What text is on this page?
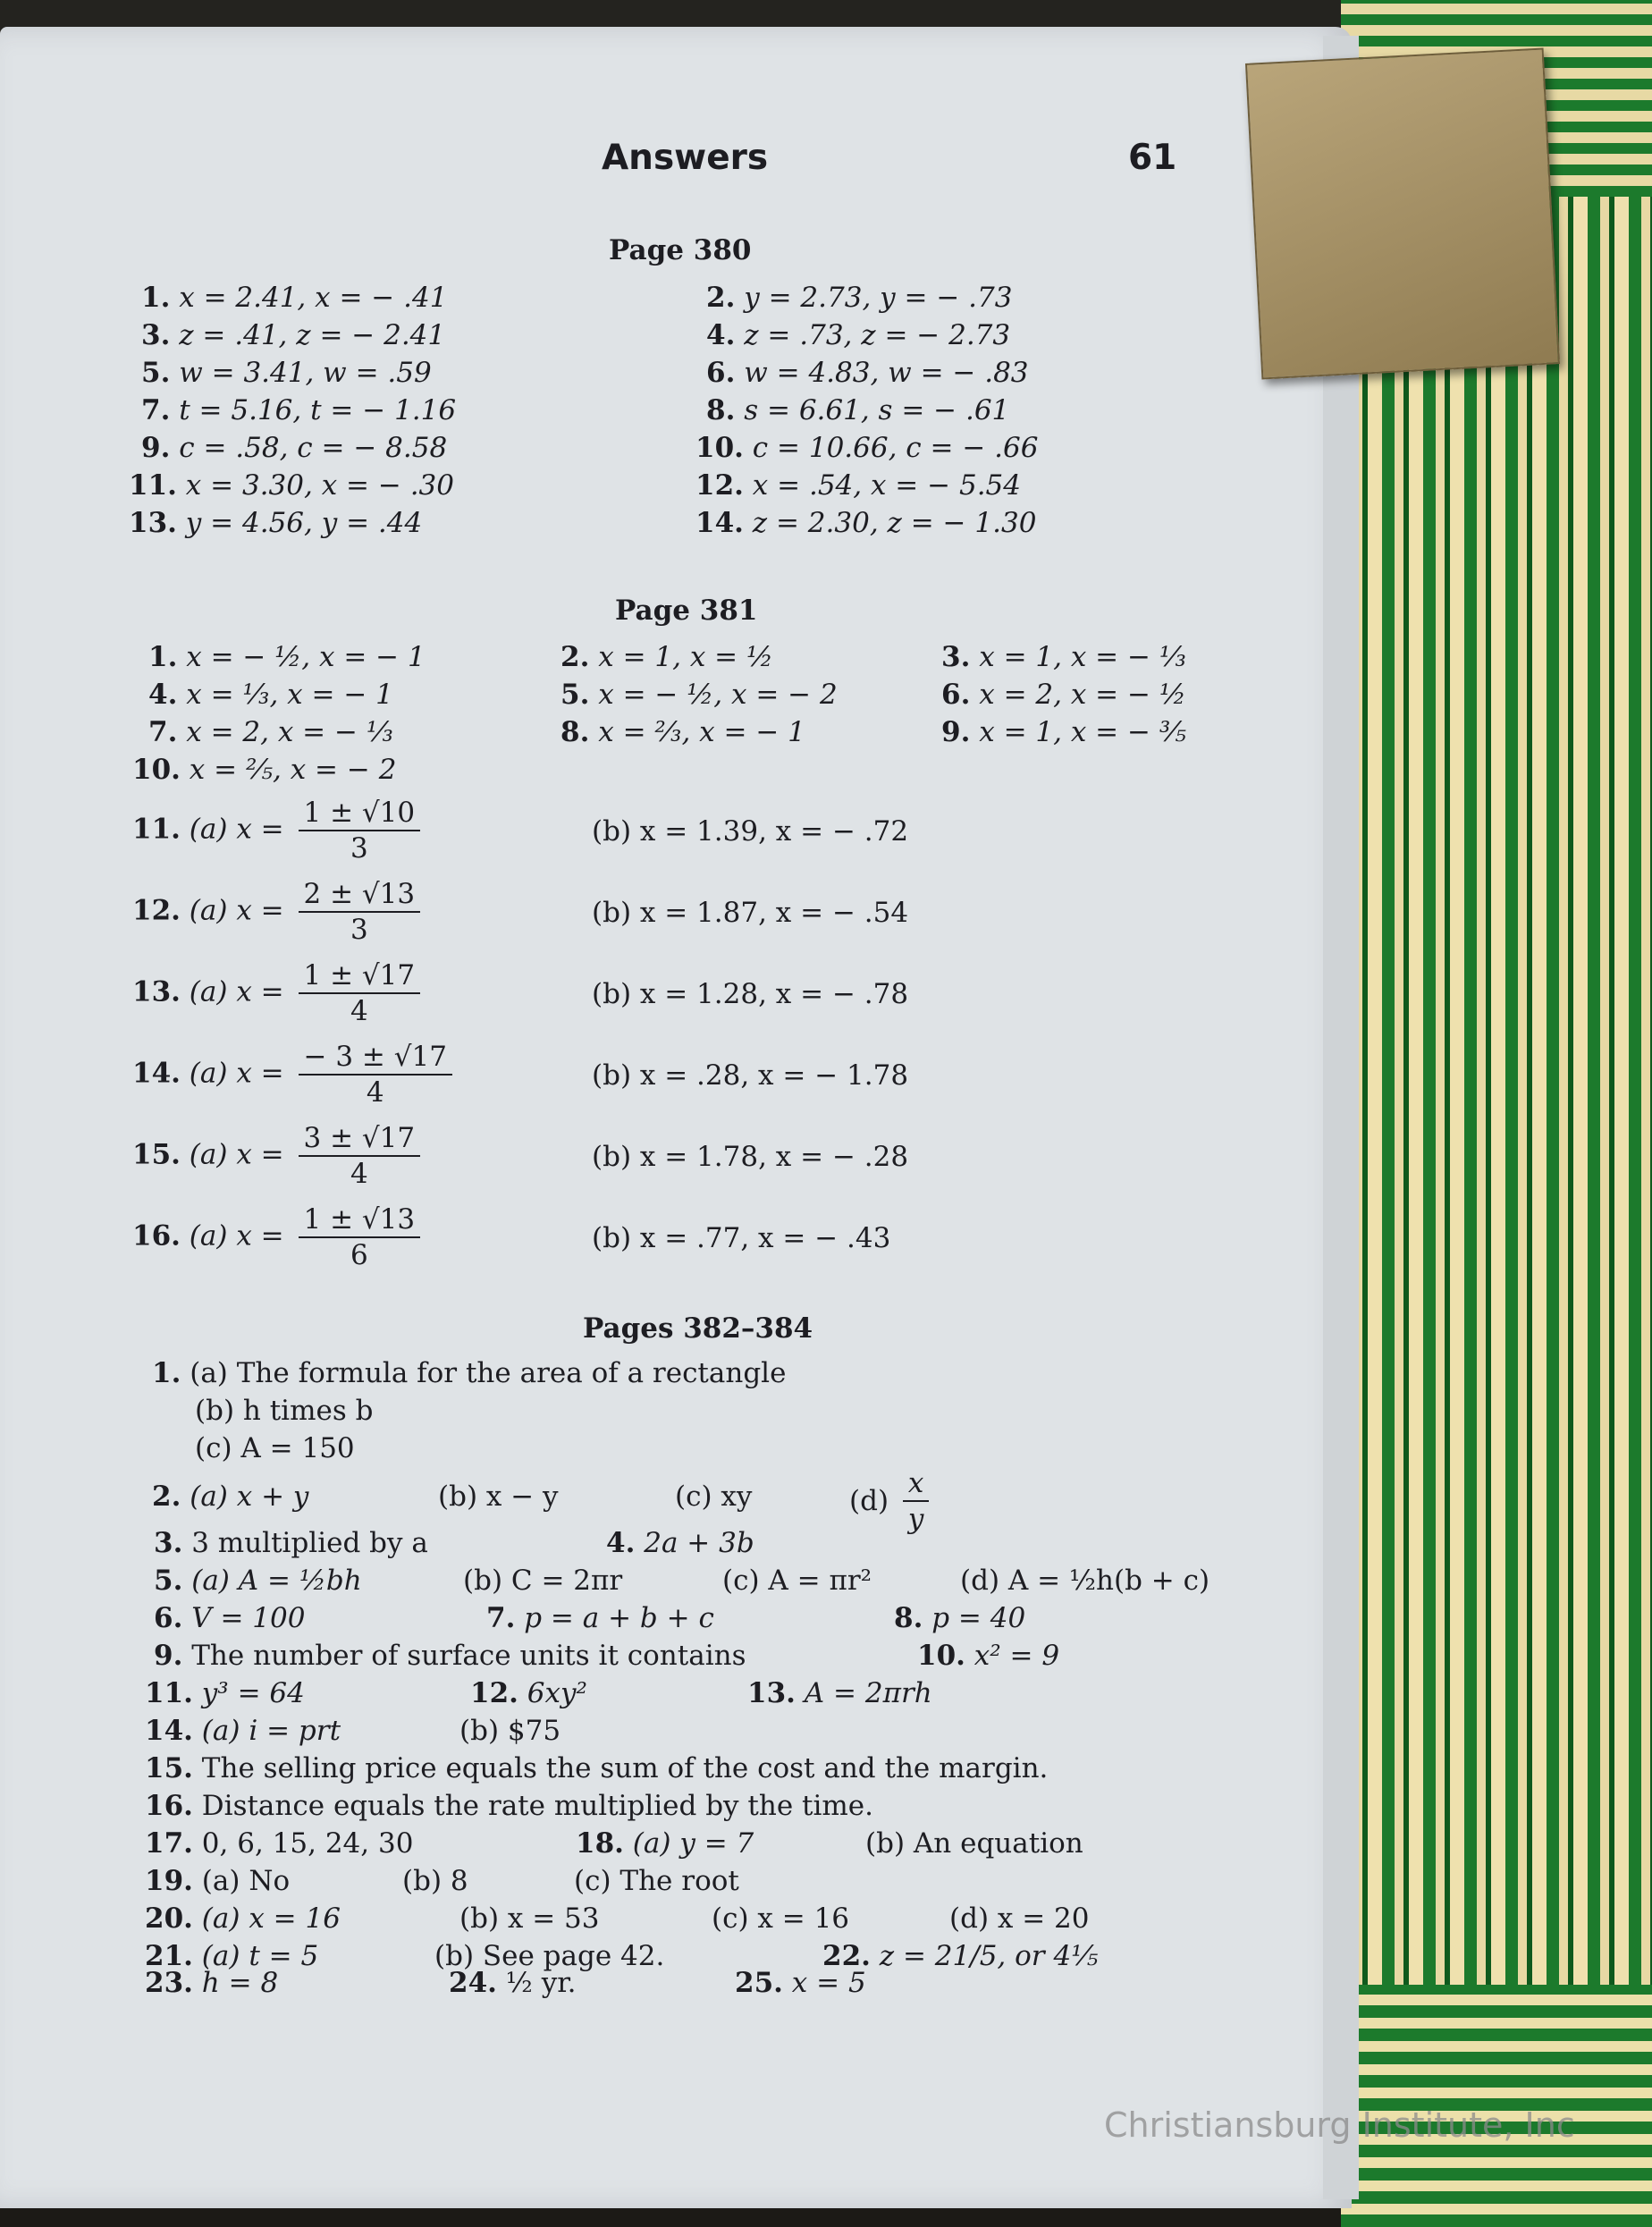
Answers	61
Page 380
1. x = 2.41, x = − .41	2. y = 2.73, y = − .73
3. z = .41, z = − 2.41	4. z = .73, z = − 2.73
5. w = 3.41, w = .59	6. w = 4.83, w = − .83
7. t = 5.16, t = − 1.16	8. s = 6.61, s = − .61
9. c = .58, c = − 8.58	10. c = 10.66, c = − .66
11. x = 3.30, x = − .30	12. x = .54, x = − 5.54
13. y = 4.56, y = .44	14. z = 2.30, z = − 1.30
Page 381
1. x = − ½, x = − 1	2. x = 1, x = ½	3. x = 1, x = − ⅓
4. x = ⅓, x = − 1	5. x = − ½, x = − 2	6. x = 2, x = − ½
7. x = 2, x = − ⅓	8. x = ⅔, x = − 1	9. x = 1, x = − ⅗
10. x = ⅖, x = − 2
11. (a) $x = \frac{1 \pm √10}{3}$	(b) x = 1.39, x = − .72
12. (a) $x = \frac{2 \pm √13}{3}$	(b) x = 1.87, x = − .54
13. (a) $x = \frac{1 \pm √17}{4}$	(b) x = 1.28, x = − .78
14. (a) $x = \frac{- 3 \pm √17}{4}$	(b) x = .28, x = − 1.78
15. (a) $x = \frac{3 \pm √17}{4}$	(b) x = 1.78, x = − .28
16. (a) $x = \frac{1 \pm √13}{6}$	(b) x = .77, x = − .43
Pages 382–384
1. (a) The formula for the area of a rectangle
(b) h times b
(c) A = 150
2. (a) x + y	(b) x − y	(c) xy	$(d) \frac{x}{y}$
3. 3 multiplied by a	4. 2a + 3b
5. (a) A = ½bh	(b) C = 2πr	(c) A = πr²	(d) A = ½h(b + c)
6. V = 100	7. p = a + b + c	8. p = 40
9. The number of surface units it contains	10. x² = 9
11. y³ = 64	12. 6xy²	13. A = 2πrh
14. (a) i = prt	(b) $75
15. The selling price equals the sum of the cost and the margin.
16. Distance equals the rate multiplied by the time.
17. 0, 6, 15, 24, 30	18. (a) y = 7	(b) An equation
19. (a) No	(b) 8	(c) The root
20. (a) x = 16	(b) x = 53	(c) x = 16	(d) x = 20
21. (a) t = 5	(b) See page 42.	22. z = 21/5, or 4⅕
23. h = 8	24. ½ yr.	25. x = 5
Christiansburg Institute, Inc
